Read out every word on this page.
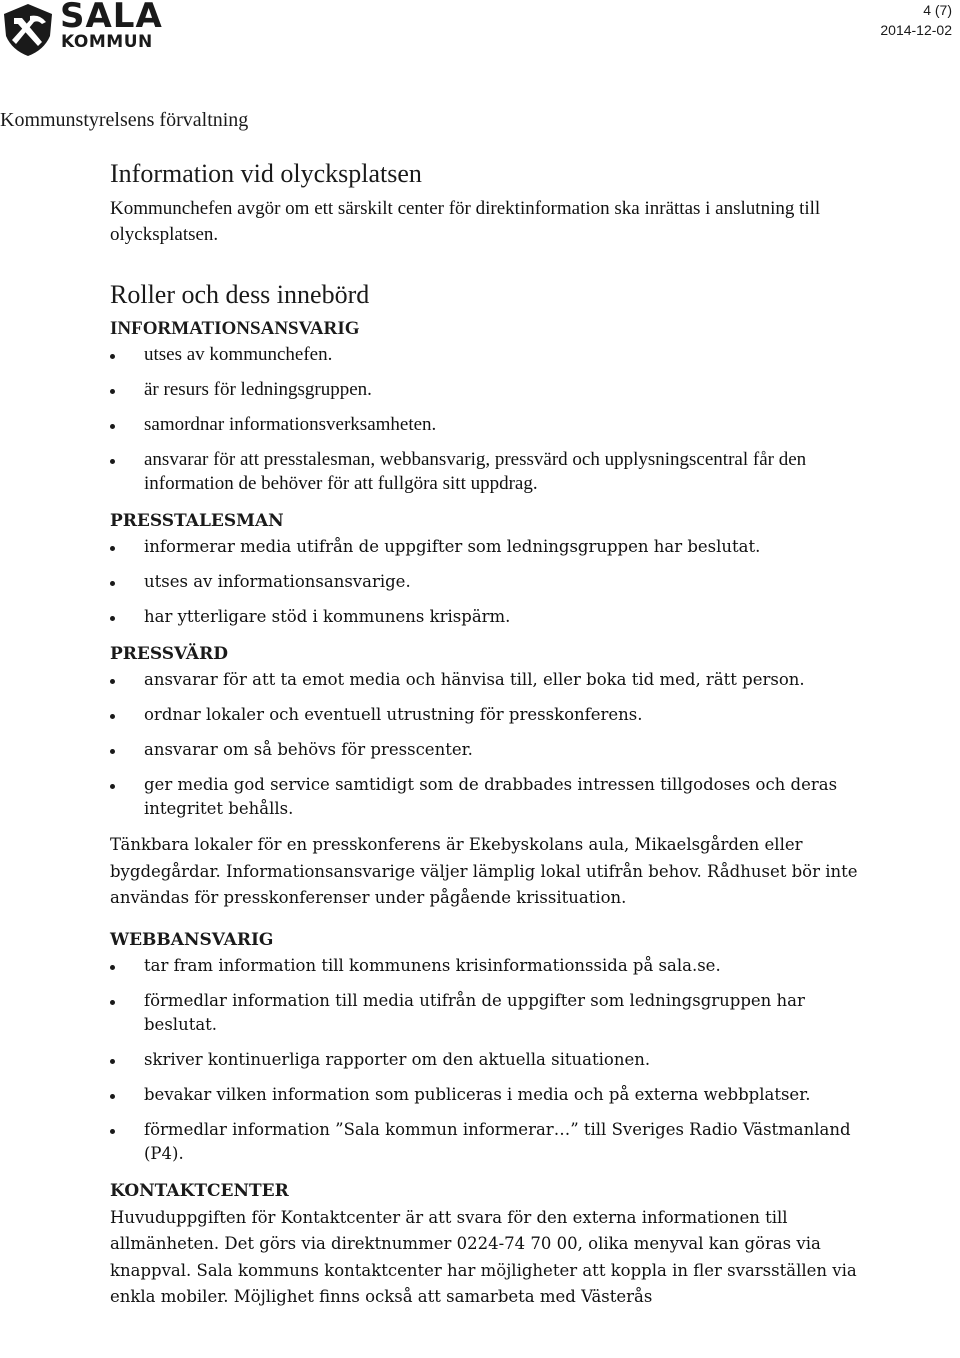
SALA
KOMMUN
4 (7)
2014-12-02
Kommunstyrelsens förvaltning
Information vid olycksplatsen

Kommunchefen avgör om ett särskilt center för direktinformation ska inrättas i anslutning till olycksplatsen.

Roller och dess innebörd
INFORMATIONSANSVARIG
utses av kommunchefen.
är resurs för ledningsgruppen.
samordnar informationsverksamheten.
ansvarar för att presstalesman, webbansvarig, pressvärd och upplysningscentral får den information de behöver för att fullgöra sitt uppdrag.
PRESSTALESMAN
informerar media utifrån de uppgifter som ledningsgruppen har beslutat.
utses av informationsansvarige.
har ytterligare stöd i kommunens krispärm.
PRESSVÄRD
ansvarar för att ta emot media och hänvisa till, eller boka tid med, rätt person.
ordnar lokaler och eventuell utrustning för presskonferens.
ansvarar om så behövs för presscenter.
ger media god service samtidigt som de drabbades intressen tillgodoses och deras integritet behålls.

Tänkbara lokaler för en presskonferens är Ekebyskolans aula, Mikaelsgården eller bygdegårdar. Informationsansvarige väljer lämplig lokal utifrån behov. Rådhuset bör inte användas för presskonferenser under pågående krissituation.

WEBBANSVARIG
tar fram information till kommunens krisinformationssida på sala.se.
förmedlar information till media utifrån de uppgifter som ledningsgruppen har beslutat.
skriver kontinuerliga rapporter om den aktuella situationen.
bevakar vilken information som publiceras i media och på externa webbplatser.
förmedlar information ”Sala kommun informerar…” till Sveriges Radio Västmanland (P4).
KONTAKTCENTER

Huvuduppgiften för Kontaktcenter är att svara för den externa informationen till allmänheten. Det görs via direktnummer 0224-74 70 00, olika menyval kan göras via knappval. Sala kommuns kontaktcenter har möjligheter att koppla in fler svarsställen via enkla mobiler. Möjlighet finns också att samarbeta med Västerås
